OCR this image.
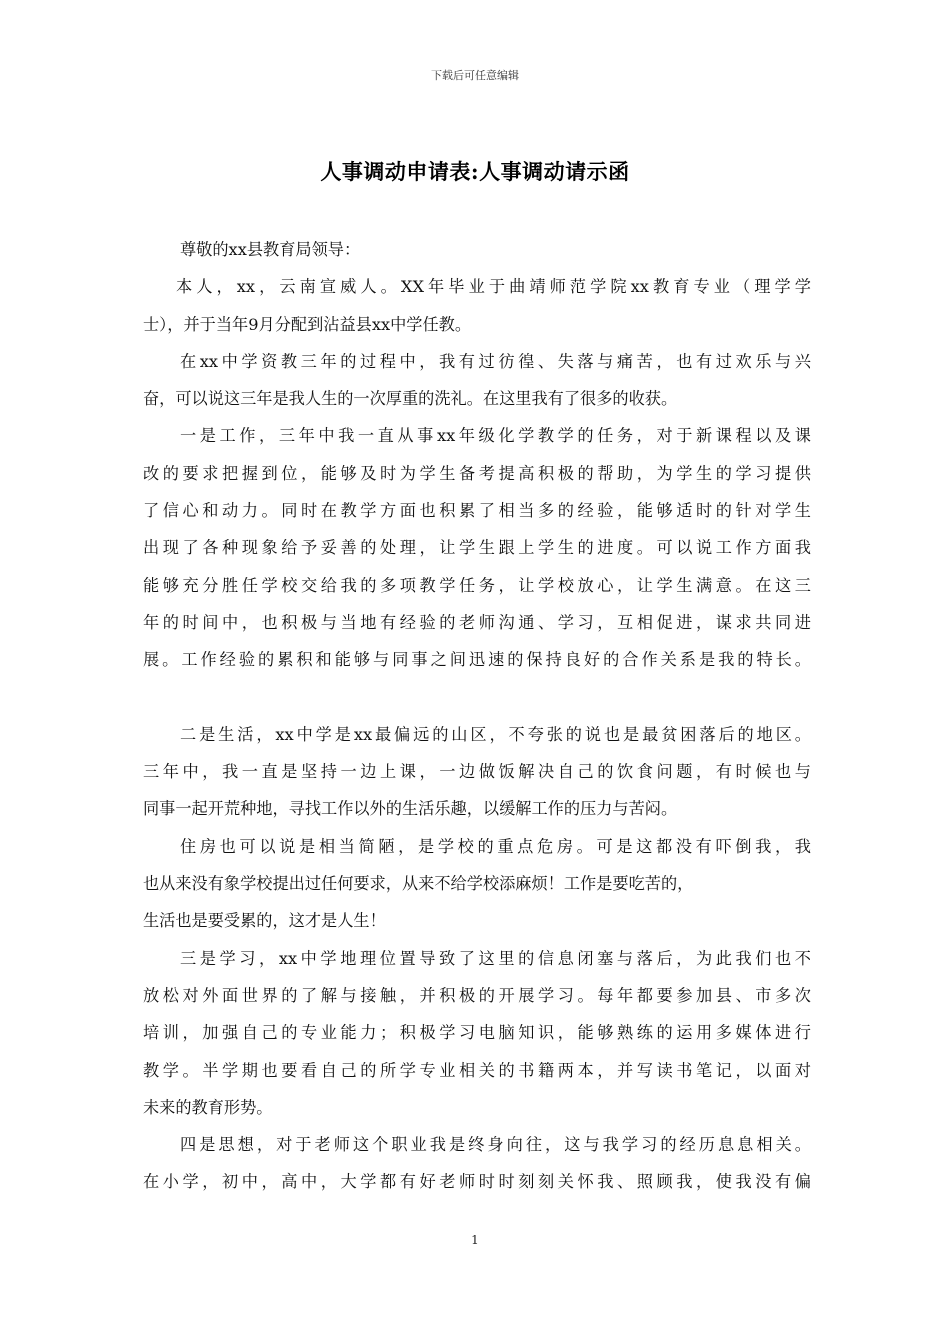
下载后可任意编辑
人事调动申请表:人事调动请示函
尊敬的xx县教育局领导：
本人，xx，云南宣威人。XX年毕业于曲靖师范学院xx教育专业（理学学
士），并于当年9月分配到沾益县xx中学任教。
在xx中学资教三年的过程中，我有过彷徨、失落与痛苦，也有过欢乐与兴
奋，可以说这三年是我人生的一次厚重的洗礼。在这里我有了很多的收获。
一是工作，三年中我一直从事xx年级化学教学的任务，对于新课程以及课
改的要求把握到位，能够及时为学生备考提高积极的帮助，为学生的学习提供
了信心和动力。同时在教学方面也积累了相当多的经验，能够适时的针对学生
出现了各种现象给予妥善的处理，让学生跟上学生的进度。可以说工作方面我
能够充分胜任学校交给我的多项教学任务，让学校放心，让学生满意。在这三
年的时间中，也积极与当地有经验的老师沟通、学习，互相促进，谋求共同进
展。工作经验的累积和能够与同事之间迅速的保持良好的合作关系是我的特长。
二是生活，xx中学是xx最偏远的山区，不夸张的说也是最贫困落后的地区。
三年中，我一直是坚持一边上课，一边做饭解决自己的饮食问题，有时候也与
同事一起开荒种地，寻找工作以外的生活乐趣，以缓解工作的压力与苦闷。
住房也可以说是相当简陋，是学校的重点危房。可是这都没有吓倒我，我
也从来没有象学校提出过任何要求，从来不给学校添麻烦！工作是要吃苦的，
生活也是要受累的，这才是人生！
三是学习，xx中学地理位置导致了这里的信息闭塞与落后，为此我们也不
放松对外面世界的了解与接触，并积极的开展学习。每年都要参加县、市多次
培训，加强自己的专业能力；积极学习电脑知识，能够熟练的运用多媒体进行
教学。半学期也要看自己的所学专业相关的书籍两本，并写读书笔记，以面对
未来的教育形势。
四是思想，对于老师这个职业我是终身向往，这与我学习的经历息息相关。
在小学，初中，高中，大学都有好老师时时刻刻关怀我、照顾我，使我没有偏
1
